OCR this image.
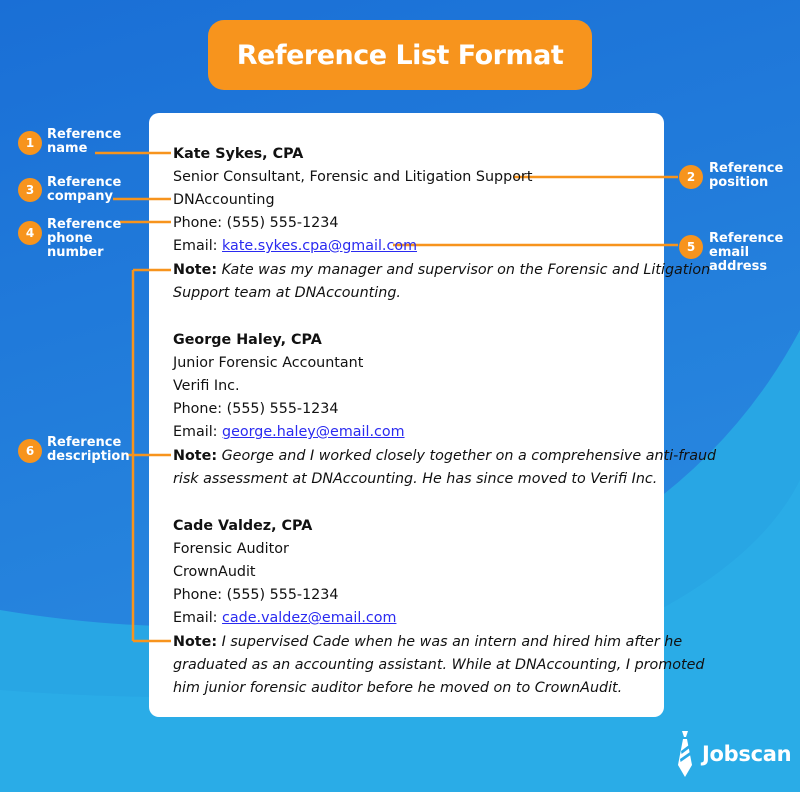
Reference List Format
1
Reference
name
2
Reference
position
3 Reference
company
4
Reference
phone
number	5
Reference
email
address
6
Reference
description
Kate Sykes, CPA
Senior Consultant, Forensic and Litigation Support
DNAccounting
Phone: (555) 555-1234
Email: kate.sykes.cpa@gmail.com
Note: Kate was my manager and supervisor on the Forensic and Litigation
Support team at DNAccounting.
George Haley, CPA
Junior Forensic Accountant
Verifi Inc.
Phone: (555) 555-1234
Email: george.haley@email.com
Note: George and I worked closely together on a comprehensive anti-fraud
risk assessment at DNAccounting. He has since moved to Verifi Inc.
Cade Valdez, CPA
Forensic Auditor
CrownAudit
Phone: (555) 555-1234
Email: cade.valdez@email.com
Note: I supervised Cade when he was an intern and hired him after he
graduated as an accounting assistant. While at DNAccounting, I promoted
him junior forensic auditor before he moved on to CrownAudit.
Jobscan
